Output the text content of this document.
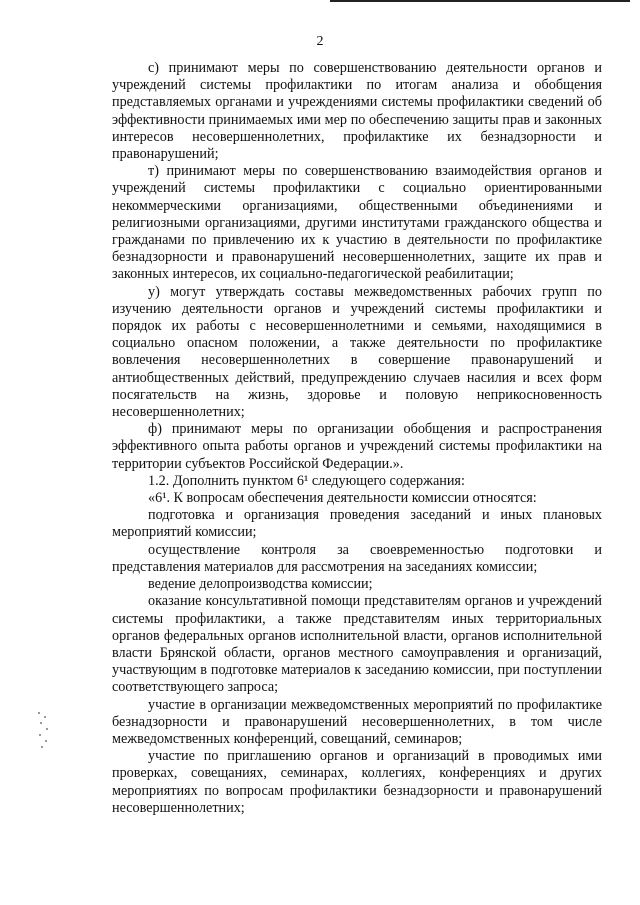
2

с) принимают меры по совершенствованию деятельности органов и учреждений системы профилактики по итогам анализа и обобщения представляемых органами и учреждениями системы профилактики сведений об эффективности принимаемых ими мер по обеспечению защиты прав и законных интересов несовершеннолетних, профилактике их безнадзорности и правонарушений;

т) принимают меры по совершенствованию взаимодействия органов и учреждений системы профилактики с социально ориентированными некоммерческими организациями, общественными объединениями и религиозными организациями, другими институтами гражданского общества и гражданами по привлечению их к участию в деятельности по профилактике безнадзорности и правонарушений несовершеннолетних, защите их прав и законных интересов, их социально-педагогической реабилитации;

у) могут утверждать составы межведомственных рабочих групп по изучению деятельности органов и учреждений системы профилактики и порядок их работы с несовершеннолетними и семьями, находящимися в социально опасном положении, а также деятельности по профилактике вовлечения несовершеннолетних в совершение правонарушений и антиобщественных действий, предупреждению случаев насилия и всех форм посягательств на жизнь, здоровье и половую неприкосновенность несовершеннолетних;

ф) принимают меры по организации обобщения и распространения эффективного опыта работы органов и учреждений системы профилактики на территории субъектов Российской Федерации.».

1.2. Дополнить пунктом 6¹ следующего содержания:

«6¹. К вопросам обеспечения деятельности комиссии относятся:

подготовка и организация проведения заседаний и иных плановых мероприятий комиссии;

осуществление контроля за своевременностью подготовки и представления материалов для рассмотрения на заседаниях комиссии;

ведение делопроизводства комиссии;

оказание консультативной помощи представителям органов и учреждений системы профилактики, а также представителям иных территориальных органов федеральных органов исполнительной власти, органов исполнительной власти Брянской области, органов местного самоуправления и организаций, участвующим в подготовке материалов к заседанию комиссии, при поступлении соответствующего запроса;

участие в организации межведомственных мероприятий по профилактике безнадзорности и правонарушений несовершеннолетних, в том числе межведомственных конференций, совещаний, семинаров;

участие по приглашению органов и организаций в проводимых ими проверках, совещаниях, семинарах, коллегиях, конференциях и других мероприятиях по вопросам профилактики безнадзорности и правонарушений несовершеннолетних;
